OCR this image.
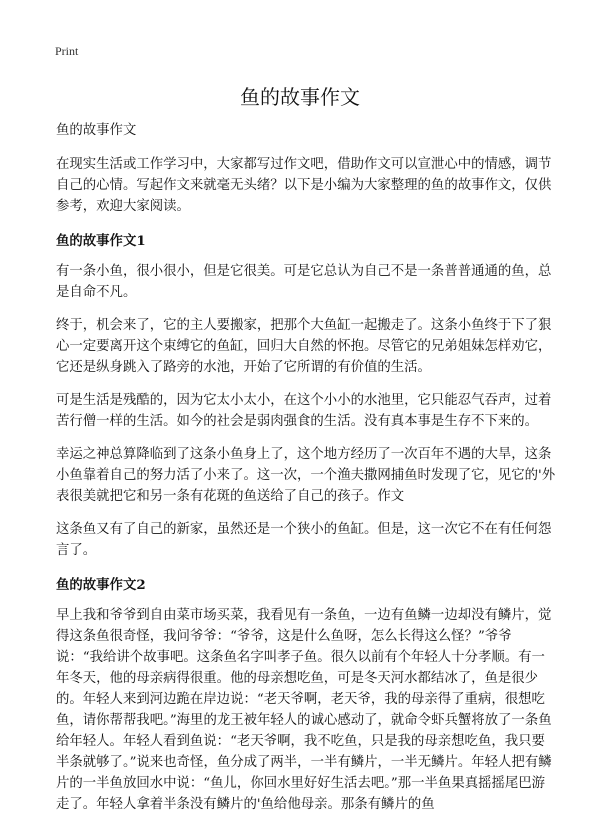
Print
鱼的故事作文

鱼的故事作文

在现实生活或工作学习中，大家都写过作文吧，借助作文可以宣泄心中的情感，调节自己的心情。写起作文来就毫无头绪？以下是小编为大家整理的鱼的故事作文，仅供参考，欢迎大家阅读。

鱼的故事作文1

有一条小鱼，很小很小，但是它很美。可是它总认为自己不是一条普普通通的鱼，总是自命不凡。

终于，机会来了，它的主人要搬家，把那个大鱼缸一起搬走了。这条小鱼终于下了狠心一定要离开这个束缚它的鱼缸，回归大自然的怀抱。尽管它的兄弟姐妹怎样劝它，它还是纵身跳入了路旁的水池，开始了它所谓的有价值的生活。

可是生活是残酷的，因为它太小太小，在这个小小的水池里，它只能忍气吞声，过着苦行僧一样的生活。如今的社会是弱肉强食的生活。没有真本事是生存不下来的。

幸运之神总算降临到了这条小鱼身上了，这个地方经历了一次百年不遇的大旱，这条小鱼靠着自己的努力活了小来了。这一次，一个渔夫撒网捕鱼时发现了它，见它的'外表很美就把它和另一条有花斑的鱼送给了自己的孩子。作文

这条鱼又有了自己的新家，虽然还是一个狭小的鱼缸。但是，这一次它不在有任何怨言了。

鱼的故事作文2

早上我和爷爷到自由菜市场买菜，我看见有一条鱼，一边有鱼鳞一边却没有鳞片，觉得这条鱼很奇怪，我问爷爷：“爷爷，这是什么鱼呀，怎么长得这么怪？”爷爷说：“我给讲个故事吧。这条鱼名字叫孝子鱼。很久以前有个年轻人十分孝顺。有一年冬天，他的母亲病得很重。他的母亲想吃鱼，可是冬天河水都结冰了，鱼是很少的。年轻人来到河边跪在岸边说：“老天爷啊，老天爷，我的母亲得了重病，很想吃鱼，请你帮帮我吧。”海里的龙王被年轻人的诚心感动了，就命令虾兵蟹将放了一条鱼给年轻人。年轻人看到鱼说：“老天爷啊，我不吃鱼，只是我的母亲想吃鱼，我只要半条就够了。”说来也奇怪，鱼分成了两半，一半有鳞片，一半无鳞片。年轻人把有鳞片的一半鱼放回水中说：“鱼儿，你回水里好好生活去吧。”那一半鱼果真摇摇尾巴游走了。年轻人拿着半条没有鳞片的'鱼给他母亲。那条有鳞片的鱼
